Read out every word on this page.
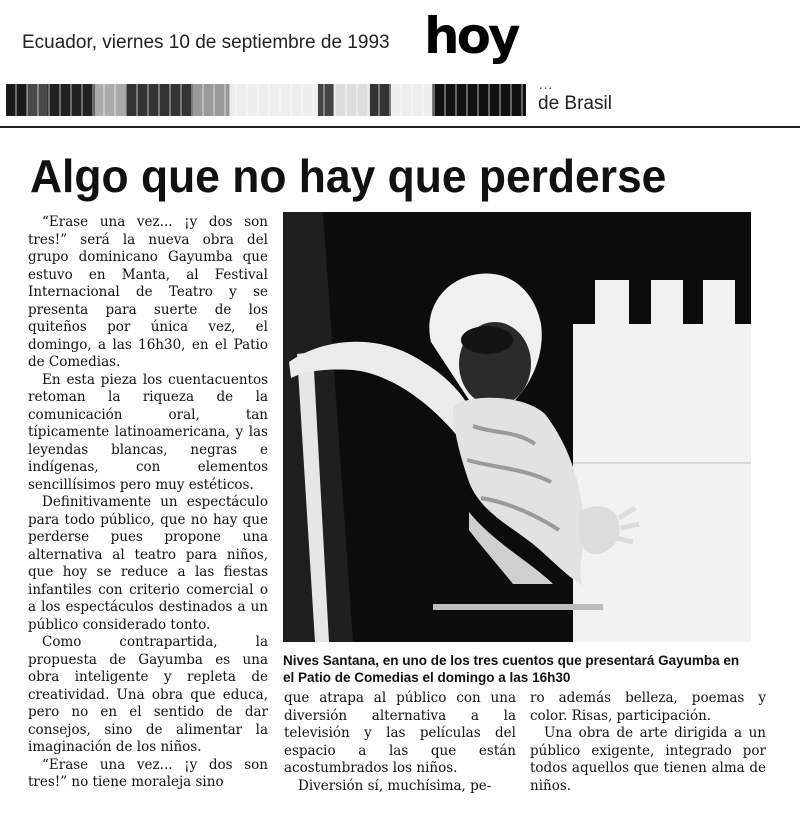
Ecuador, viernes 10 de septiembre de 1993 hoy
…
de Brasil
Algo que no hay que perderse

“Erase una vez... ¡y dos son tres!” será la nueva obra del grupo dominicano Gayumba que estuvo en Manta, al Festival Internacional de Teatro y se presenta para suerte de los quiteños por única vez, el domingo, a las 16h30, en el Patio de Comedias.

En esta pieza los cuentacuentos retoman la riqueza de la comunicación oral, tan típicamente latinoamericana, y las leyendas blancas, negras e indígenas, con elementos sencillísimos pero muy estéticos.

Definitivamente un espectáculo para todo público, que no hay que perderse pues propone una alternativa al teatro para niños, que hoy se reduce a las fiestas infantiles con criterio comercial o a los espectáculos destinados a un público considerado tonto.

Como contrapartida, la propuesta de Gayumba es una obra inteligente y repleta de creatividad. Una obra que educa, pero no en el sentido de dar consejos, sino de alimentar la imaginación de los niños.

“Erase una vez... ¡y dos son tres!” no tiene moraleja sino

Nives Santana, en uno de los tres cuentos que presentará Gayumba en el Patio de Comedias el domingo a las 16h30

que atrapa al público con una diversión alternativa a la televisión y las películas del espacio a las que están acostumbrados los niños.

Diversión sí, muchísima, pe-

ro además belleza, poemas y color. Risas, participación.

Una obra de arte dirigida a un público exigente, integrado por todos aquellos que tienen alma de niños.
